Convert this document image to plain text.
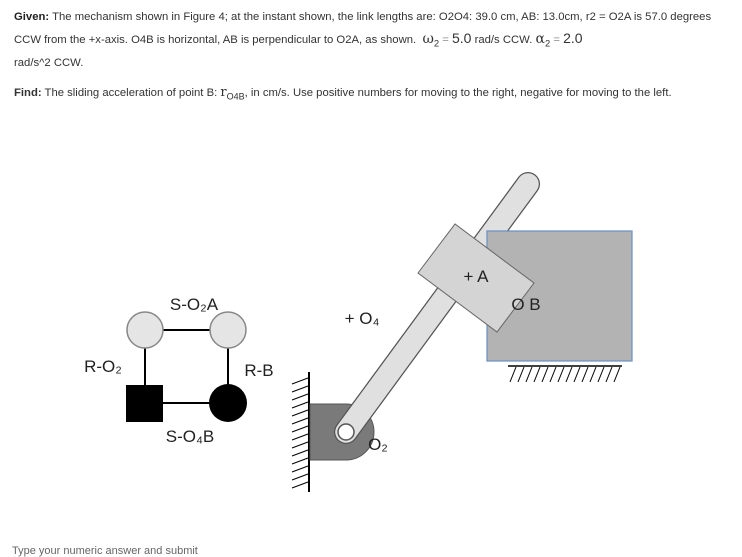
Given: The mechanism shown in Figure 4; at the instant shown, the link lengths are: O2O4: 39.0 cm, AB: 13.0cm, r2 = O2A is 57.0 degrees CCW from the +x-axis. O4B is horizontal, AB is perpendicular to O2A, as shown. $\omega_2 = 5.0$ rad/s CCW. $\alpha_2 = 2.0$
rad/s^2 CCW.
Find: The sliding acceleration of point B: $r_{O4B}$, in cm/s. Use positive numbers for moving to the right, negative for moving to the left.
S-O₂A
R-O₂	R-B
S-O₄B
+ A
O B
+ O₄
O₂
Type your numeric answer and submit
